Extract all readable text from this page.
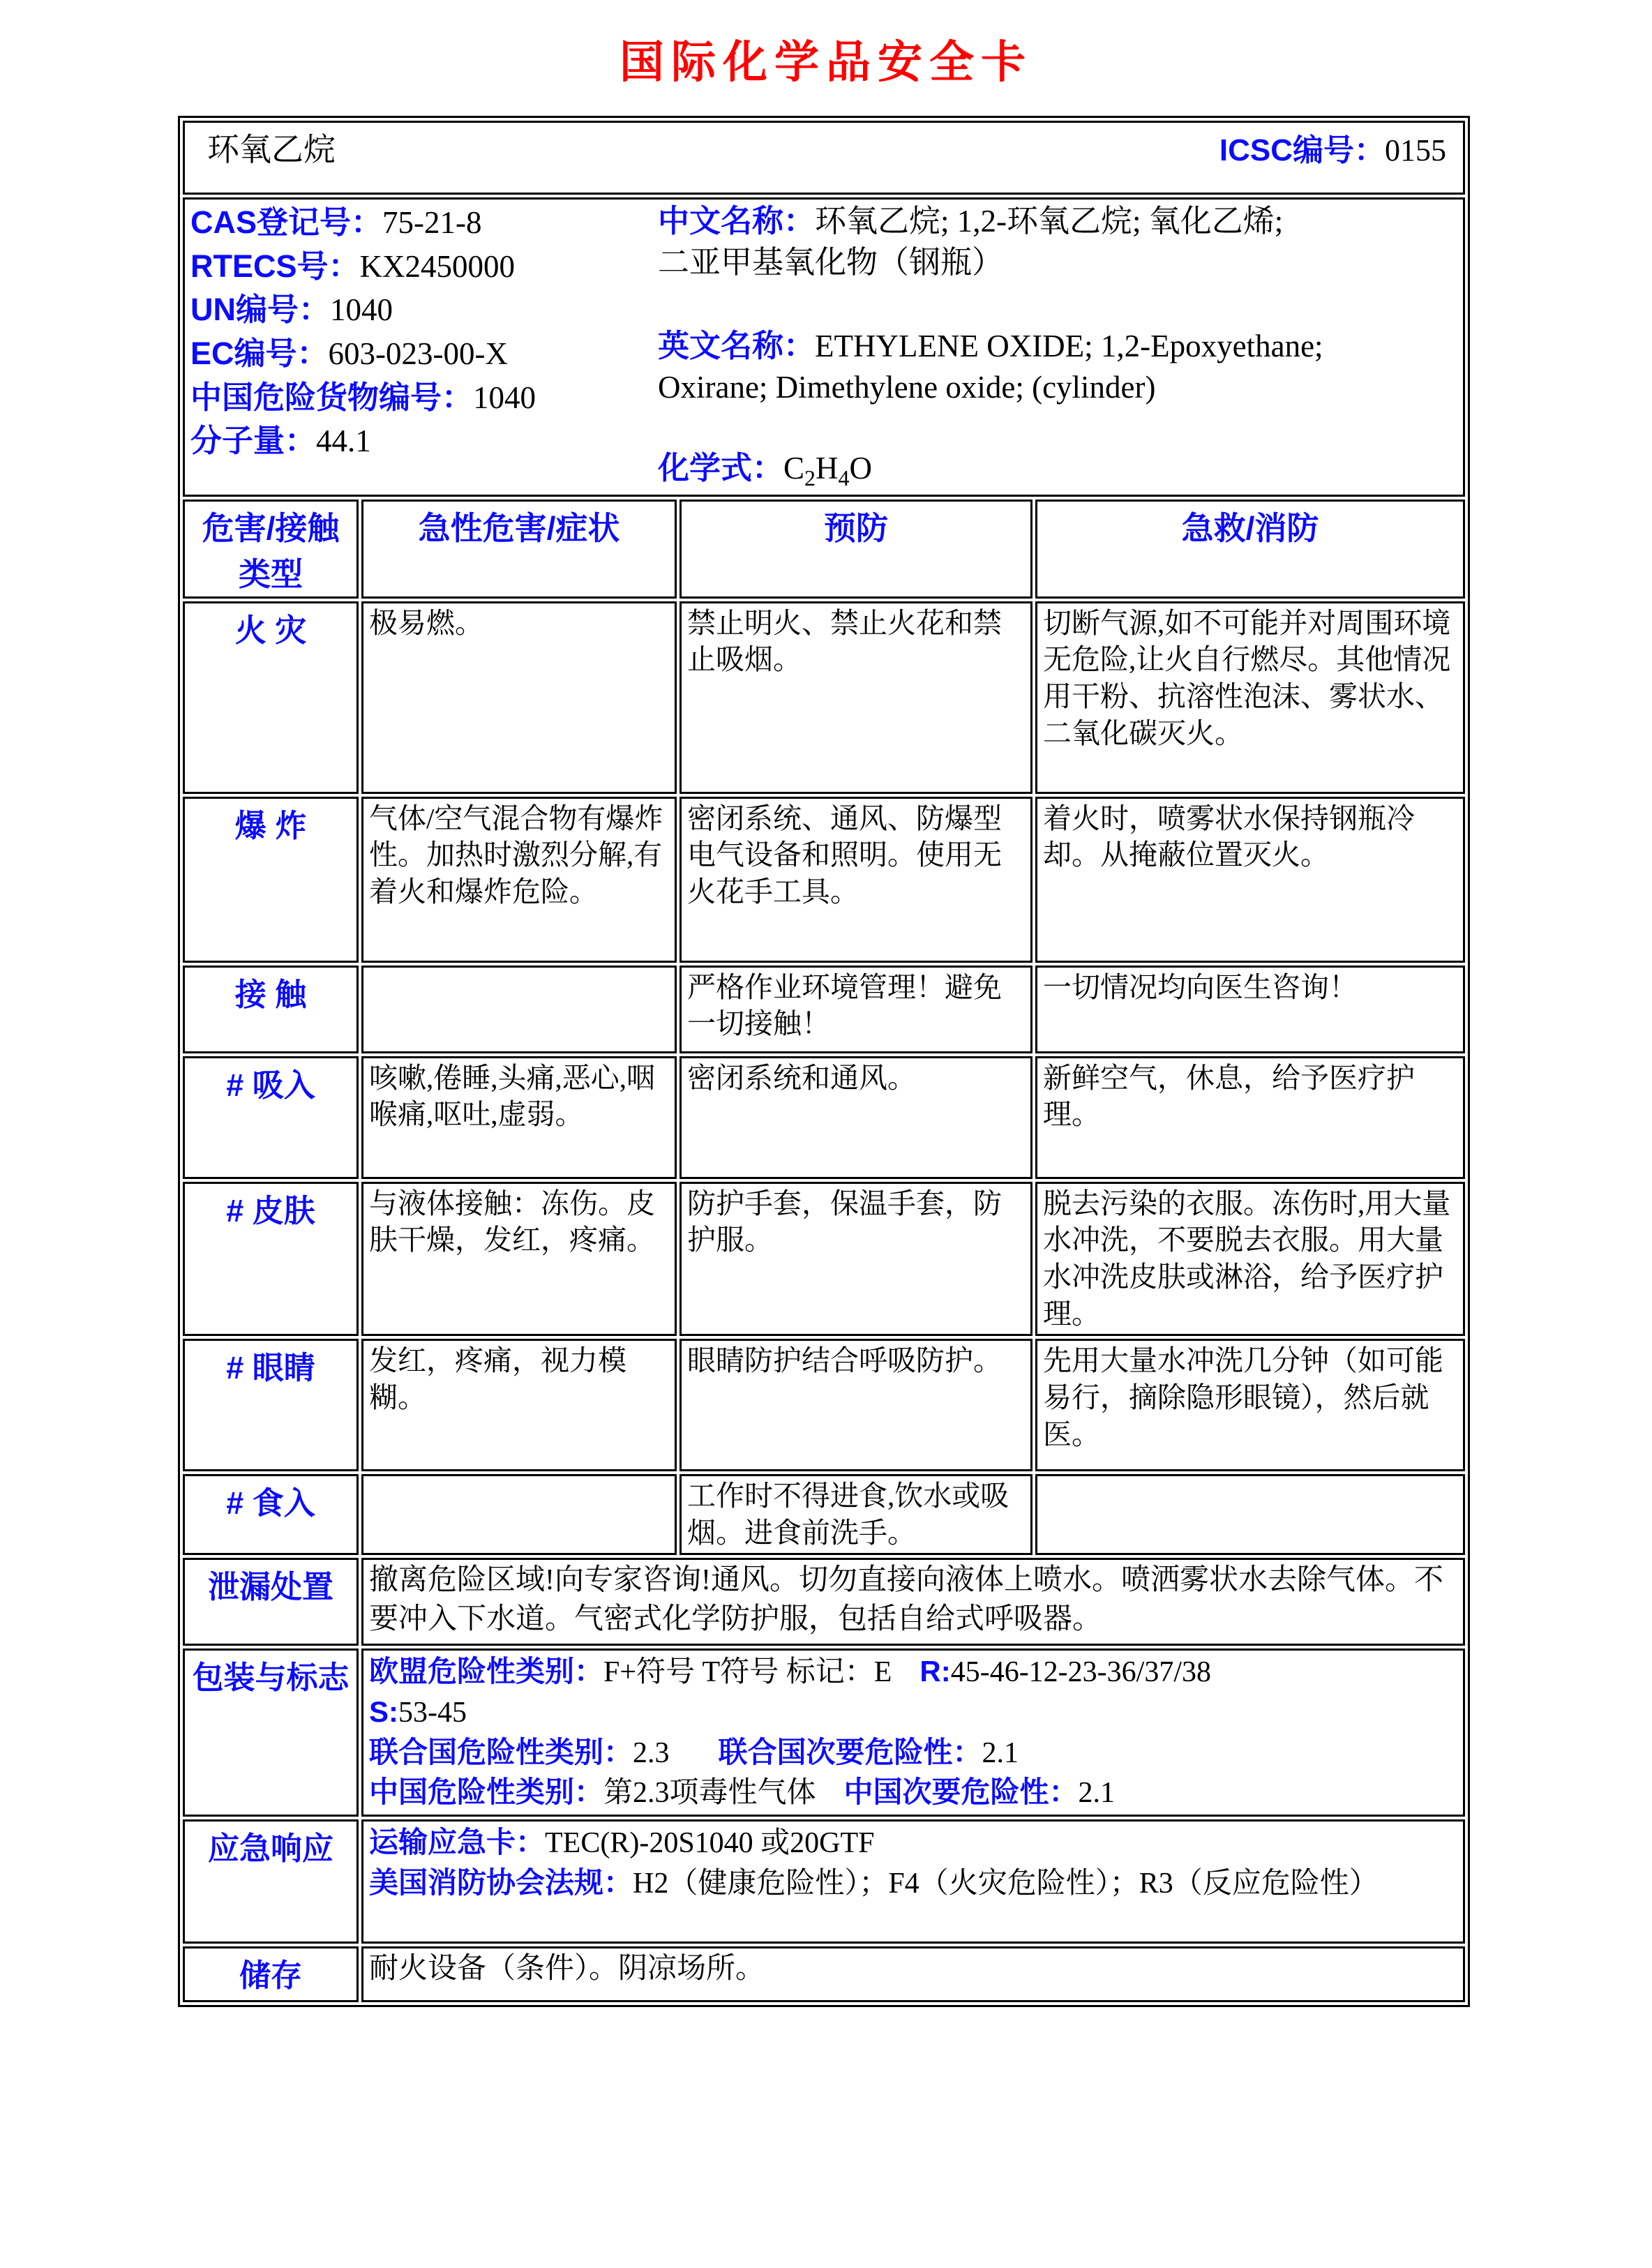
国际化学品安全卡
环氧乙烷 ICSC编号：0155			

CAS登记号：75-21-8
RTECS号：KX2450000
UN编号：1040
EC编号：603-023-00-X
中国危险货物编号：1040
分子量：44.1
中文名称：环氧乙烷; 1,2-环氧乙烷; 氧化乙烯;
二亚甲基氧化物（钢瓶）
英文名称：ETHYLENE OXIDE; 1,2-Epoxyethane;
Oxirane; Dimethylene oxide; (cylinder)
化学式：$C_2H_4O$

危害/接触
类型	急性危害/症状	预防	急救/消防
火 灾	极易燃。	禁止明火、禁止火花和禁止吸烟。	切断气源,如不可能并对周围环境无危险,让火自行燃尽。其他情况用干粉、抗溶性泡沫、雾状水、二氧化碳灭火。
爆 炸	气体/空气混合物有爆炸性。加热时激烈分解,有着火和爆炸危险。	密闭系统、通风、防爆型电气设备和照明。使用无火花手工具。	着火时，喷雾状水保持钢瓶冷却。从掩蔽位置灭火。
接 触		严格作业环境管理！避免一切接触！	一切情况均向医生咨询！
# 吸入	咳嗽,倦睡,头痛,恶心,咽喉痛,呕吐,虚弱。	密闭系统和通风。	新鲜空气，休息，给予医疗护理。
# 皮肤	与液体接触：冻伤。皮肤干燥，发红，疼痛。	防护手套，保温手套，防护服。	脱去污染的衣服。冻伤时,用大量水冲洗，不要脱去衣服。用大量水冲洗皮肤或淋浴，给予医疗护理。
# 眼睛	发红，疼痛，视力模糊。	眼睛防护结合呼吸防护。	先用大量水冲洗几分钟（如可能易行，摘除隐形眼镜），然后就医。
# 食入		工作时不得进食,饮水或吸烟。进食前洗手。	
泄漏处置	撤离危险区域!向专家咨询!通风。切勿直接向液体上喷水。喷洒雾状水去除气体。不要冲入下水道。气密式化学防护服，包括自给式呼吸器。		
包装与标志	欧盟危险性类别：F+符号 T符号 标记：E R:45-46-12-23-36/37/38
S:53-45
联合国危险性类别：2.3 联合国次要危险性：2.1
中国危险性类别：第2.3项毒性气体 中国次要危险性：2.1		

应急响应	运输应急卡：TEC(R)-20S1040 或20GTF
美国消防协会法规：H2（健康危险性）；F4（火灾危险性）；R3（反应危险性）		

储存	耐火设备（条件）。阴凉场所。		
